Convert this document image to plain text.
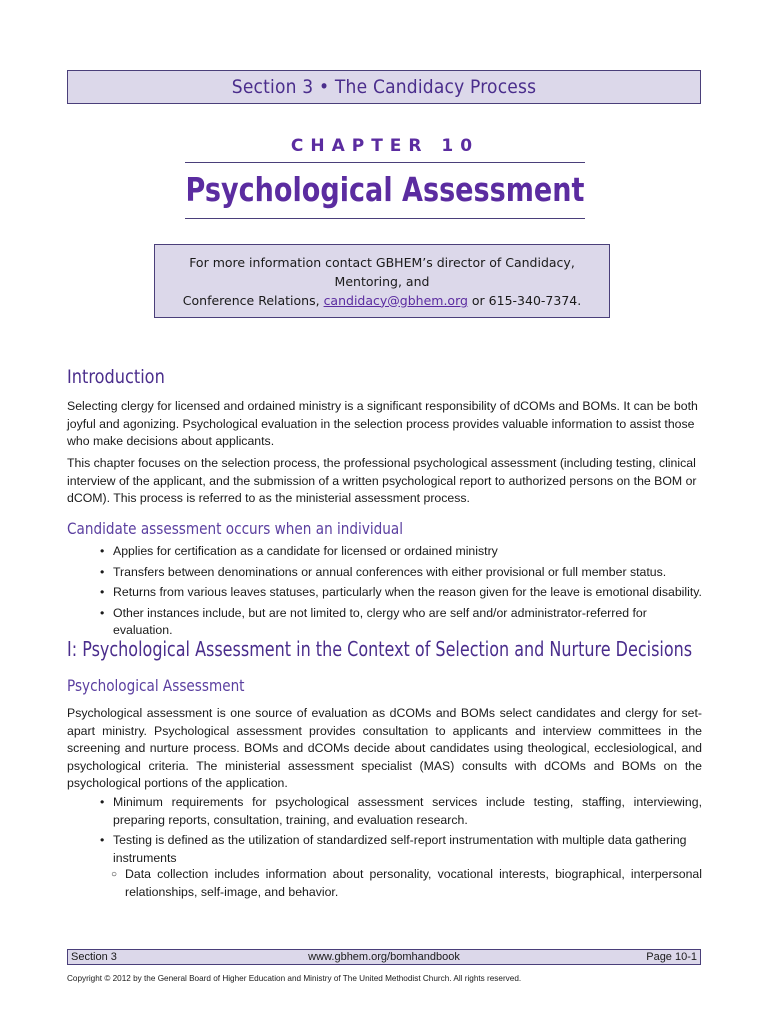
Section 3 • The Candidacy Process
CHAPTER 10
Psychological Assessment
For more information contact GBHEM’s director of Candidacy, Mentoring, and
Conference Relations, candidacy@gbhem.org or 615-340-7374.
Introduction

Selecting clergy for licensed and ordained ministry is a significant responsibility of dCOMs and BOMs. It can be both joyful and agonizing. Psychological evaluation in the selection process provides valuable information to assist those who make decisions about applicants.

This chapter focuses on the selection process, the professional psychological assessment (including testing, clinical interview of the applicant, and the submission of a written psychological report to authorized persons on the BOM or dCOM). This process is referred to as the ministerial assessment process.

Candidate assessment occurs when an individual
• Applies for certification as a candidate for licensed or ordained ministry
• Transfers between denominations or annual conferences with either provisional or full member status.
• Returns from various leaves statuses, particularly when the reason given for the leave is emotional disability.
• Other instances include, but are not limited to, clergy who are self and/or administrator-referred for evaluation.
I: Psychological Assessment in the Context of Selection and Nurture Decisions
Psychological Assessment

Psychological assessment is one source of evaluation as dCOMs and BOMs select candidates and clergy for set-apart ministry. Psychological assessment provides consultation to applicants and interview committees in the screening and nurture process. BOMs and dCOMs decide about candidates using theological, ecclesiological, and psychological criteria. The ministerial assessment specialist (MAS) consults with dCOMs and BOMs on the psychological portions of the application.

• Minimum requirements for psychological assessment services include testing, staffing, interviewing, preparing reports, consultation, training, and evaluation research.
• Testing is defined as the utilization of standardized self-report instrumentation with multiple data gathering instruments
○ Data collection includes information about personality, vocational interests, biographical, interpersonal relationships, self-image, and behavior.
Section 3	www.gbhem.org/bomhandbook	Page 10-1
Copyright © 2012 by the General Board of Higher Education and Ministry of The United Methodist Church. All rights reserved.
